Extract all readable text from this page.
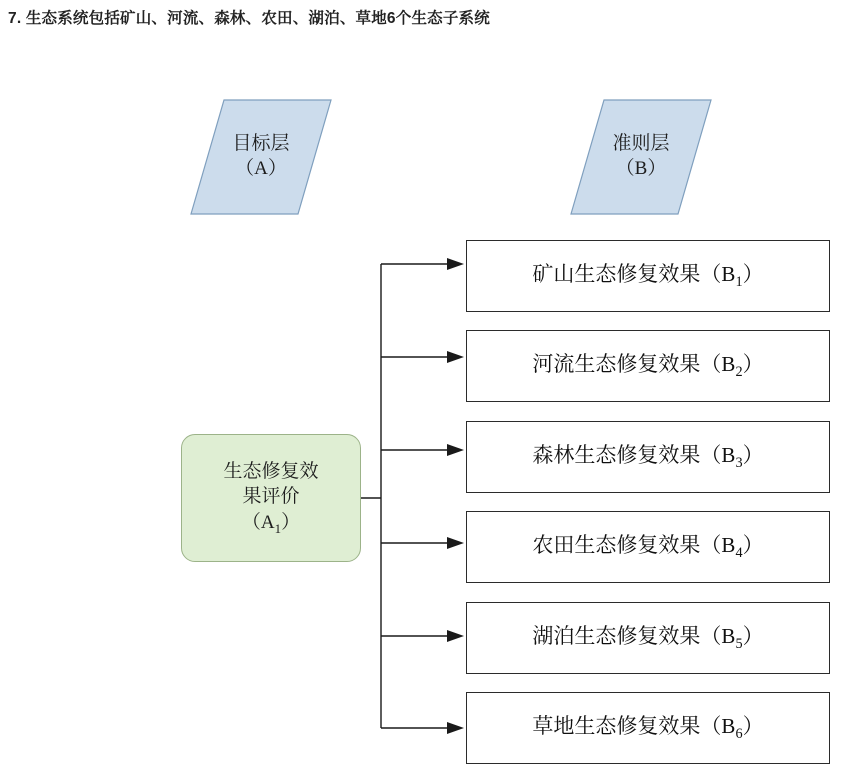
7. 生态系统包括矿山、河流、森林、农田、湖泊、草地6个生态子系统
目标层
（A）
准则层
（B）
生态修复效
果评价
$(A_1)$
矿山生态修复效果$(B_1)$
河流生态修复效果$(B_2)$
森林生态修复效果$(B_3)$
农田生态修复效果$(B_4)$
湖泊生态修复效果$(B_5)$
草地生态修复效果$(B_6)$
